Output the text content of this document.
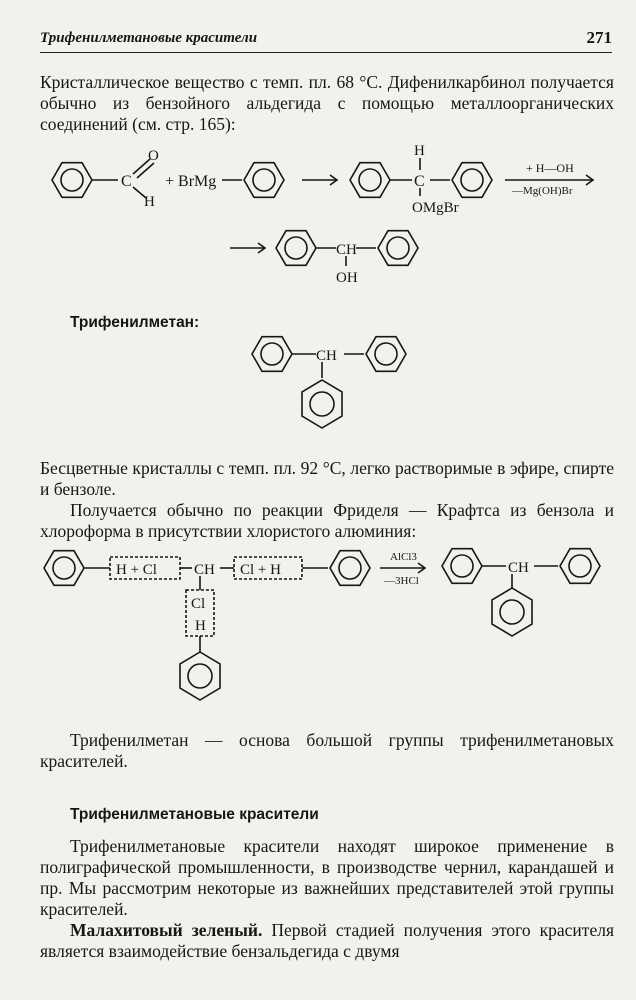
Трифенилметановые красители	271
Кристаллическое вещество с темп. пл. 68 °C. Дифенилкарбинол получается обычно из бензойного альдегида с помощью металлоорганических соединений (см. стр. 165):
C
O
H
+ BrMg
H
C
OMgBr
+ H—OH
—Mg(OH)Br
CH
OH
Трифенилметан:
CH
Бесцветные кристаллы с темп. пл. 92 °C, легко растворимые в эфире, спирте и бензоле.
Получается обычно по реакции Фриделя — Крафтса из бензола и хлороформа в присутствии хлористого алюминия:
H + Cl CH Cl + H
Cl
H
AlCl3
—3HCl
CH
Трифенилметан — основа большой группы трифенилметановых красителей.
Трифенилметановые красители
Трифенилметановые красители находят широкое применение в полиграфической промышленности, в производстве чернил, карандашей и пр. Мы рассмотрим некоторые из важнейших представителей этой группы красителей.
Малахитовый зеленый. Первой стадией получения этого красителя является взаимодействие бензальдегида с двумя
